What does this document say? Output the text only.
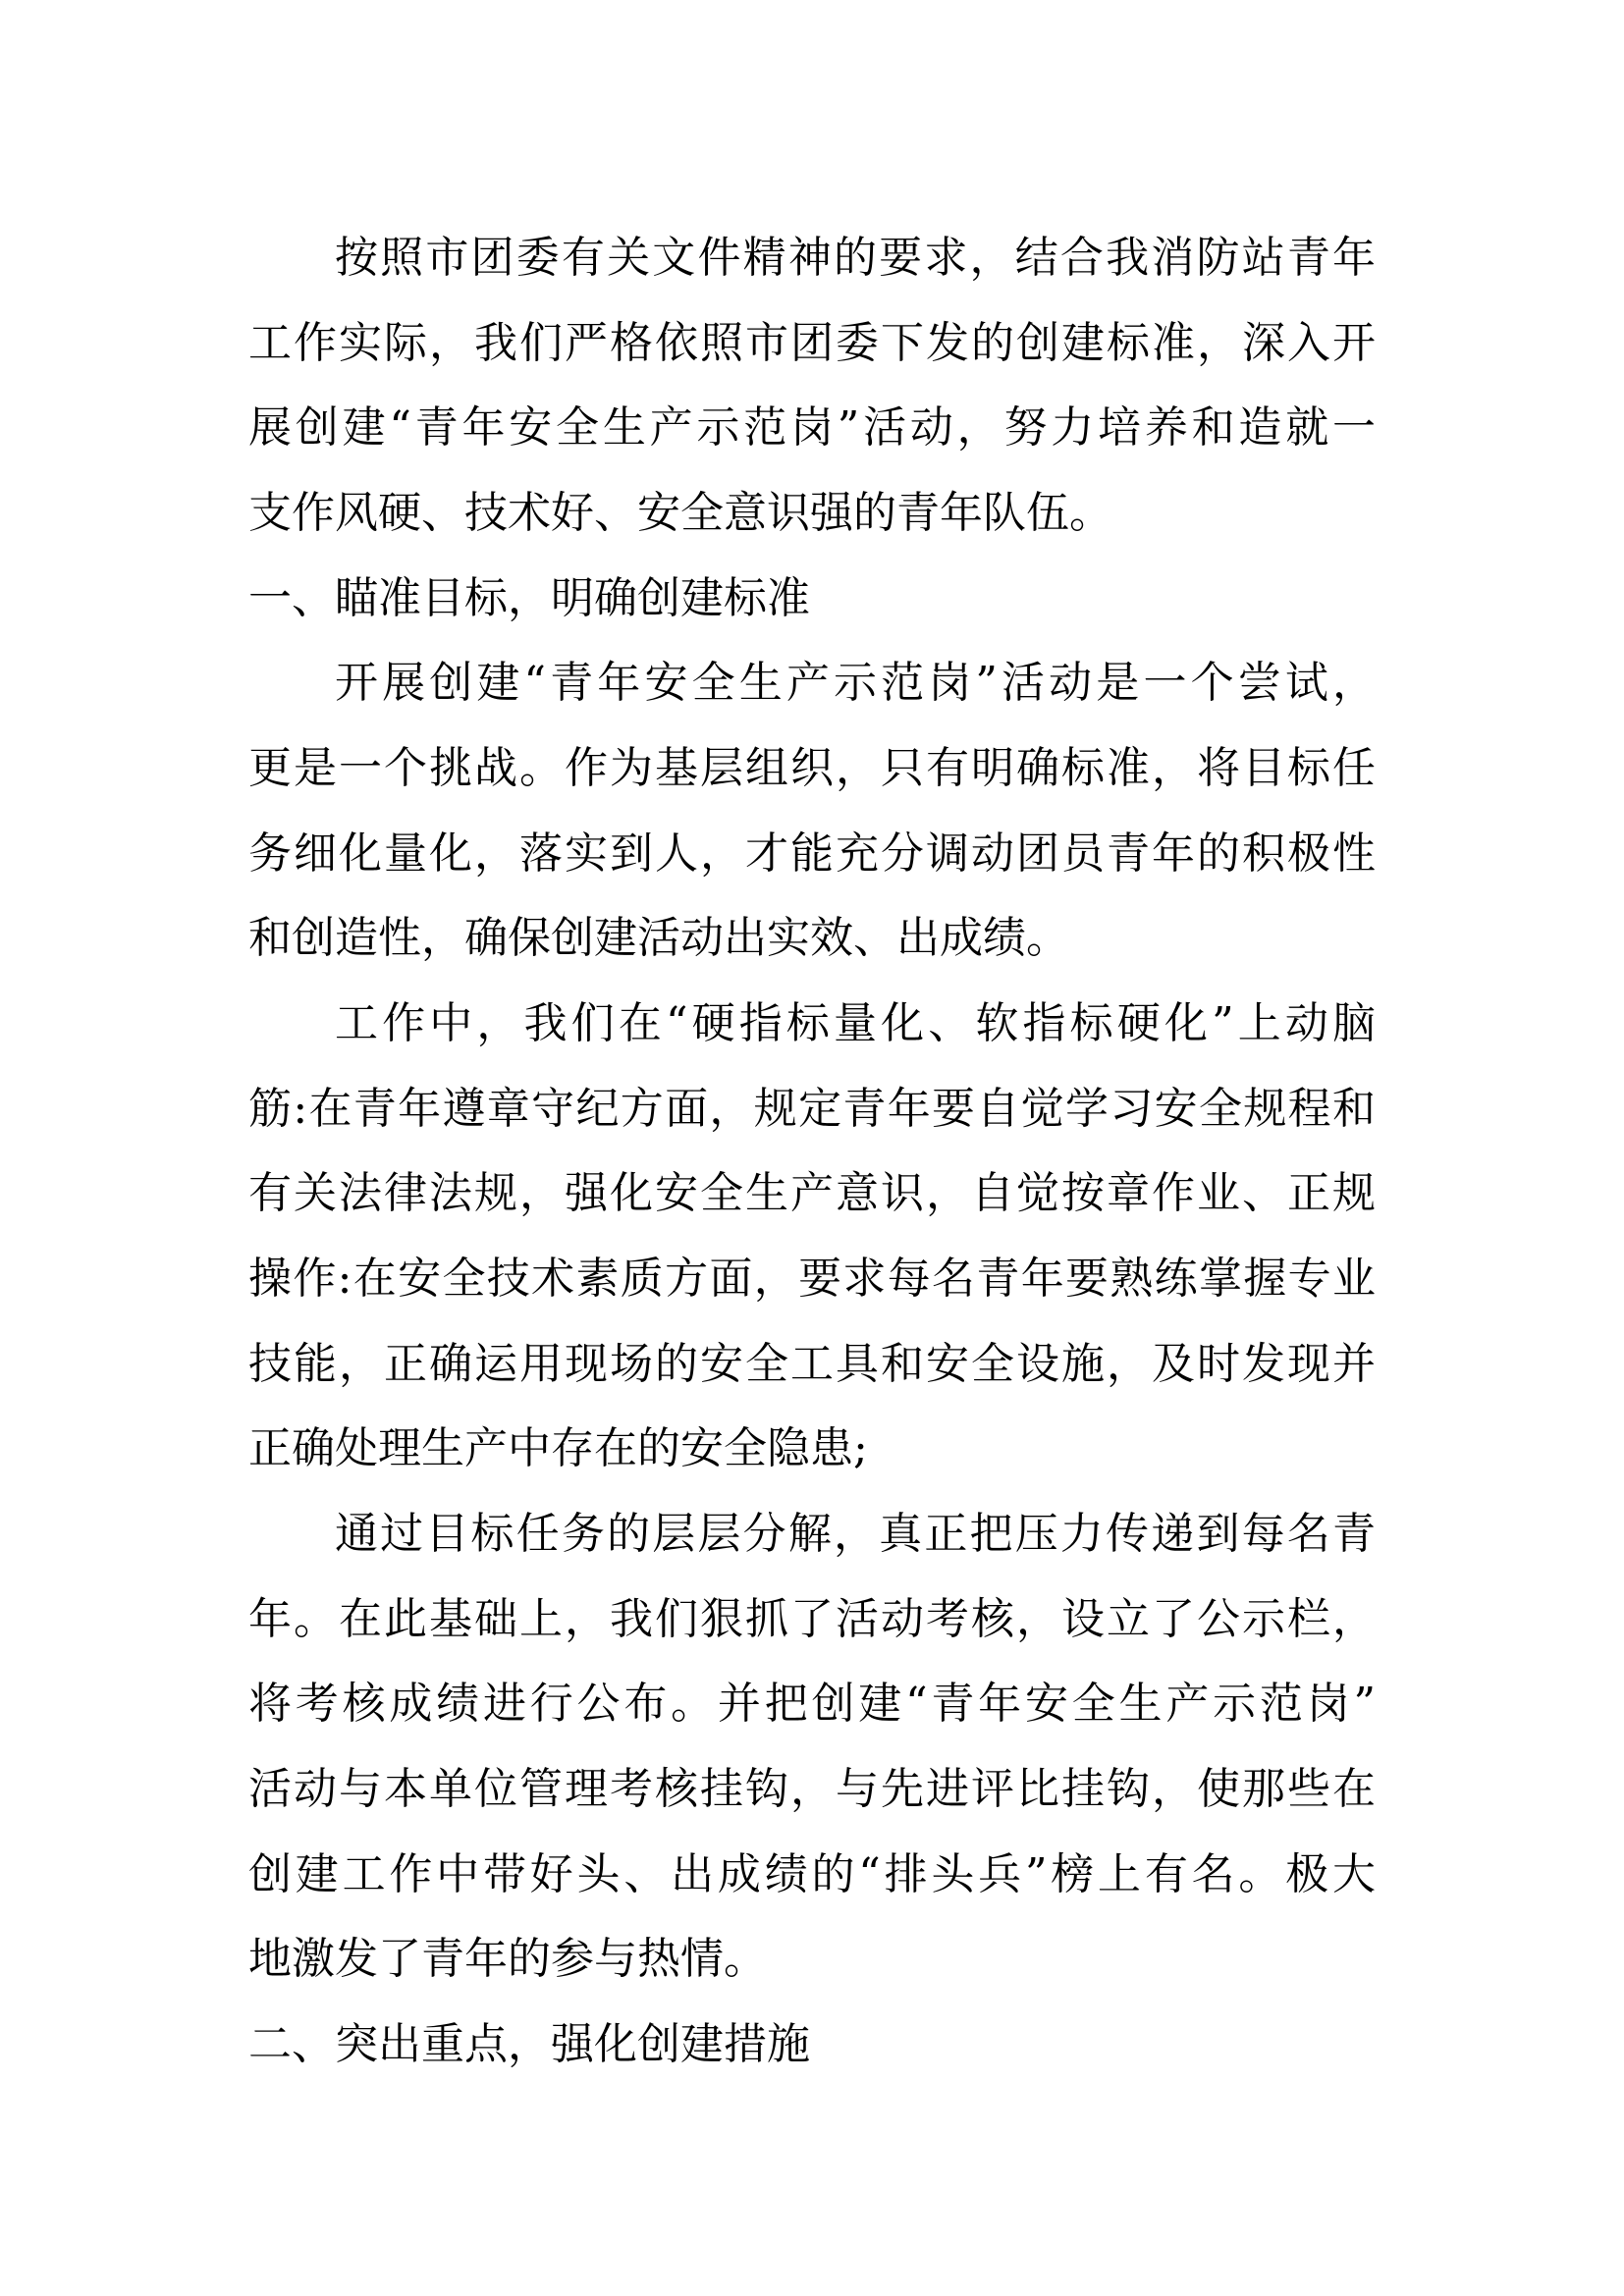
按照市团委有关文件精神的要求，结合我消防站青年
工作实际，我们严格依照市团委下发的创建标准，深入开
展创建“青年安全生产示范岗”活动，努力培养和造就一
支作风硬、技术好、安全意识强的青年队伍。
一、瞄准目标，明确创建标准
开展创建“青年安全生产示范岗”活动是一个尝试，
更是一个挑战。作为基层组织，只有明确标准，将目标任
务细化量化，落实到人，才能充分调动团员青年的积极性
和创造性，确保创建活动出实效、出成绩。
工作中，我们在“硬指标量化、软指标硬化”上动脑
筋:在青年遵章守纪方面，规定青年要自觉学习安全规程和
有关法律法规，强化安全生产意识，自觉按章作业、正规
操作:在安全技术素质方面，要求每名青年要熟练掌握专业
技能，正确运用现场的安全工具和安全设施，及时发现并
正确处理生产中存在的安全隐患;
通过目标任务的层层分解，真正把压力传递到每名青
年。在此基础上，我们狠抓了活动考核，设立了公示栏，
将考核成绩进行公布。并把创建“青年安全生产示范岗”
活动与本单位管理考核挂钩，与先进评比挂钩，使那些在
创建工作中带好头、出成绩的“排头兵”榜上有名。极大
地激发了青年的参与热情。
二、突出重点，强化创建措施
